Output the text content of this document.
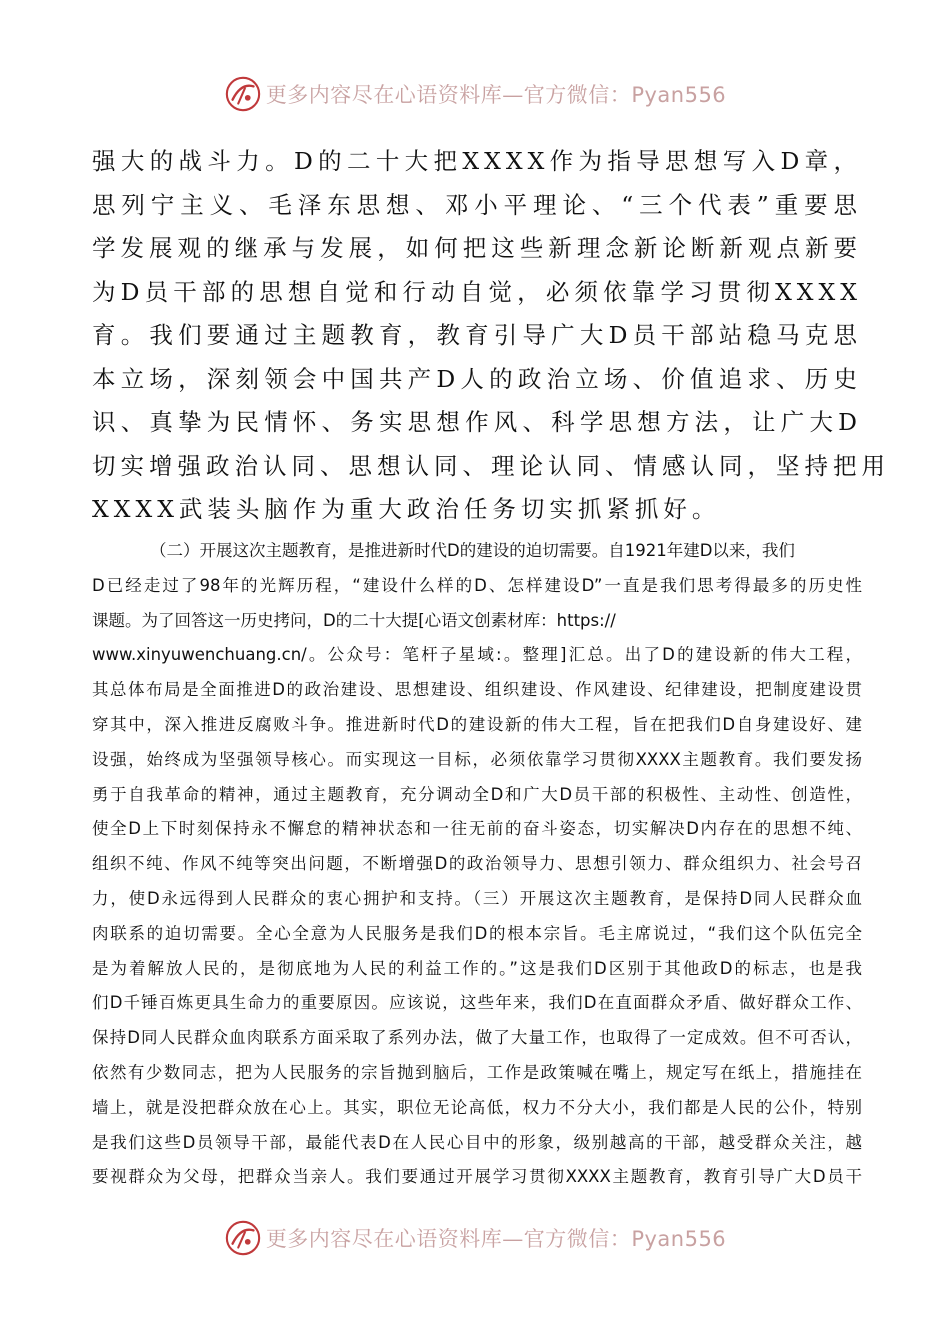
更多内容尽在心语资料库—官方微信：Pyan556
强大的战斗力。D的二十大把XXXX作为指导思想写入D章，
思列宁主义、毛泽东思想、邓小平理论、“三个代表”重要思
学发展观的继承与发展，如何把这些新理念新论断新观点新要
为D员干部的思想自觉和行动自觉，必须依靠学习贯彻XXXX
育。我们要通过主题教育，教育引导广大D员干部站稳马克思
本立场，深刻领会中国共产D人的政治立场、价值追求、历史
识、真挚为民情怀、务实思想作风、科学思想方法，让广大D
切实增强政治认同、思想认同、理论认同、情感认同，坚持把用
XXXX武装头脑作为重大政治任务切实抓紧抓好。
（二）开展这次主题教育，是推进新时代D的建设的迫切需要。自1921年建D以来，我们
D已经走过了98年的光辉历程，“建设什么样的D、怎样建设D”一直是我们思考得最多的历史性
课题。为了回答这一历史拷问，D的二十大提[心语文创素材库：https://
www.xinyuwenchuang.cn/。公众号：笔杆子星域:。整理]汇总。出了D的建设新的伟大工程，
其总体布局是全面推进D的政治建设、思想建设、组织建设、作风建设、纪律建设，把制度建设贯
穿其中，深入推进反腐败斗争。推进新时代D的建设新的伟大工程，旨在把我们D自身建设好、建
设强，始终成为坚强领导核心。而实现这一目标，必须依靠学习贯彻XXXX主题教育。我们要发扬
勇于自我革命的精神，通过主题教育，充分调动全D和广大D员干部的积极性、主动性、创造性，
使全D上下时刻保持永不懈怠的精神状态和一往无前的奋斗姿态，切实解决D内存在的思想不纯、
组织不纯、作风不纯等突出问题，不断增强D的政治领导力、思想引领力、群众组织力、社会号召
力，使D永远得到人民群众的衷心拥护和支持。（三）开展这次主题教育，是保持D同人民群众血
肉联系的迫切需要。全心全意为人民服务是我们D的根本宗旨。毛主席说过，“我们这个队伍完全
是为着解放人民的，是彻底地为人民的利益工作的。”这是我们D区别于其他政D的标志，也是我
们D千锤百炼更具生命力的重要原因。应该说，这些年来，我们D在直面群众矛盾、做好群众工作、
保持D同人民群众血肉联系方面采取了系列办法，做了大量工作，也取得了一定成效。但不可否认，
依然有少数同志，把为人民服务的宗旨抛到脑后，工作是政策喊在嘴上，规定写在纸上，措施挂在
墙上，就是没把群众放在心上。其实，职位无论高低，权力不分大小，我们都是人民的公仆，特别
是我们这些D员领导干部，最能代表D在人民心目中的形象，级别越高的干部，越受群众关注，越
要视群众为父母，把群众当亲人。我们要通过开展学习贯彻XXXX主题教育，教育引导广大D员干
更多内容尽在心语资料库—官方微信：Pyan556
